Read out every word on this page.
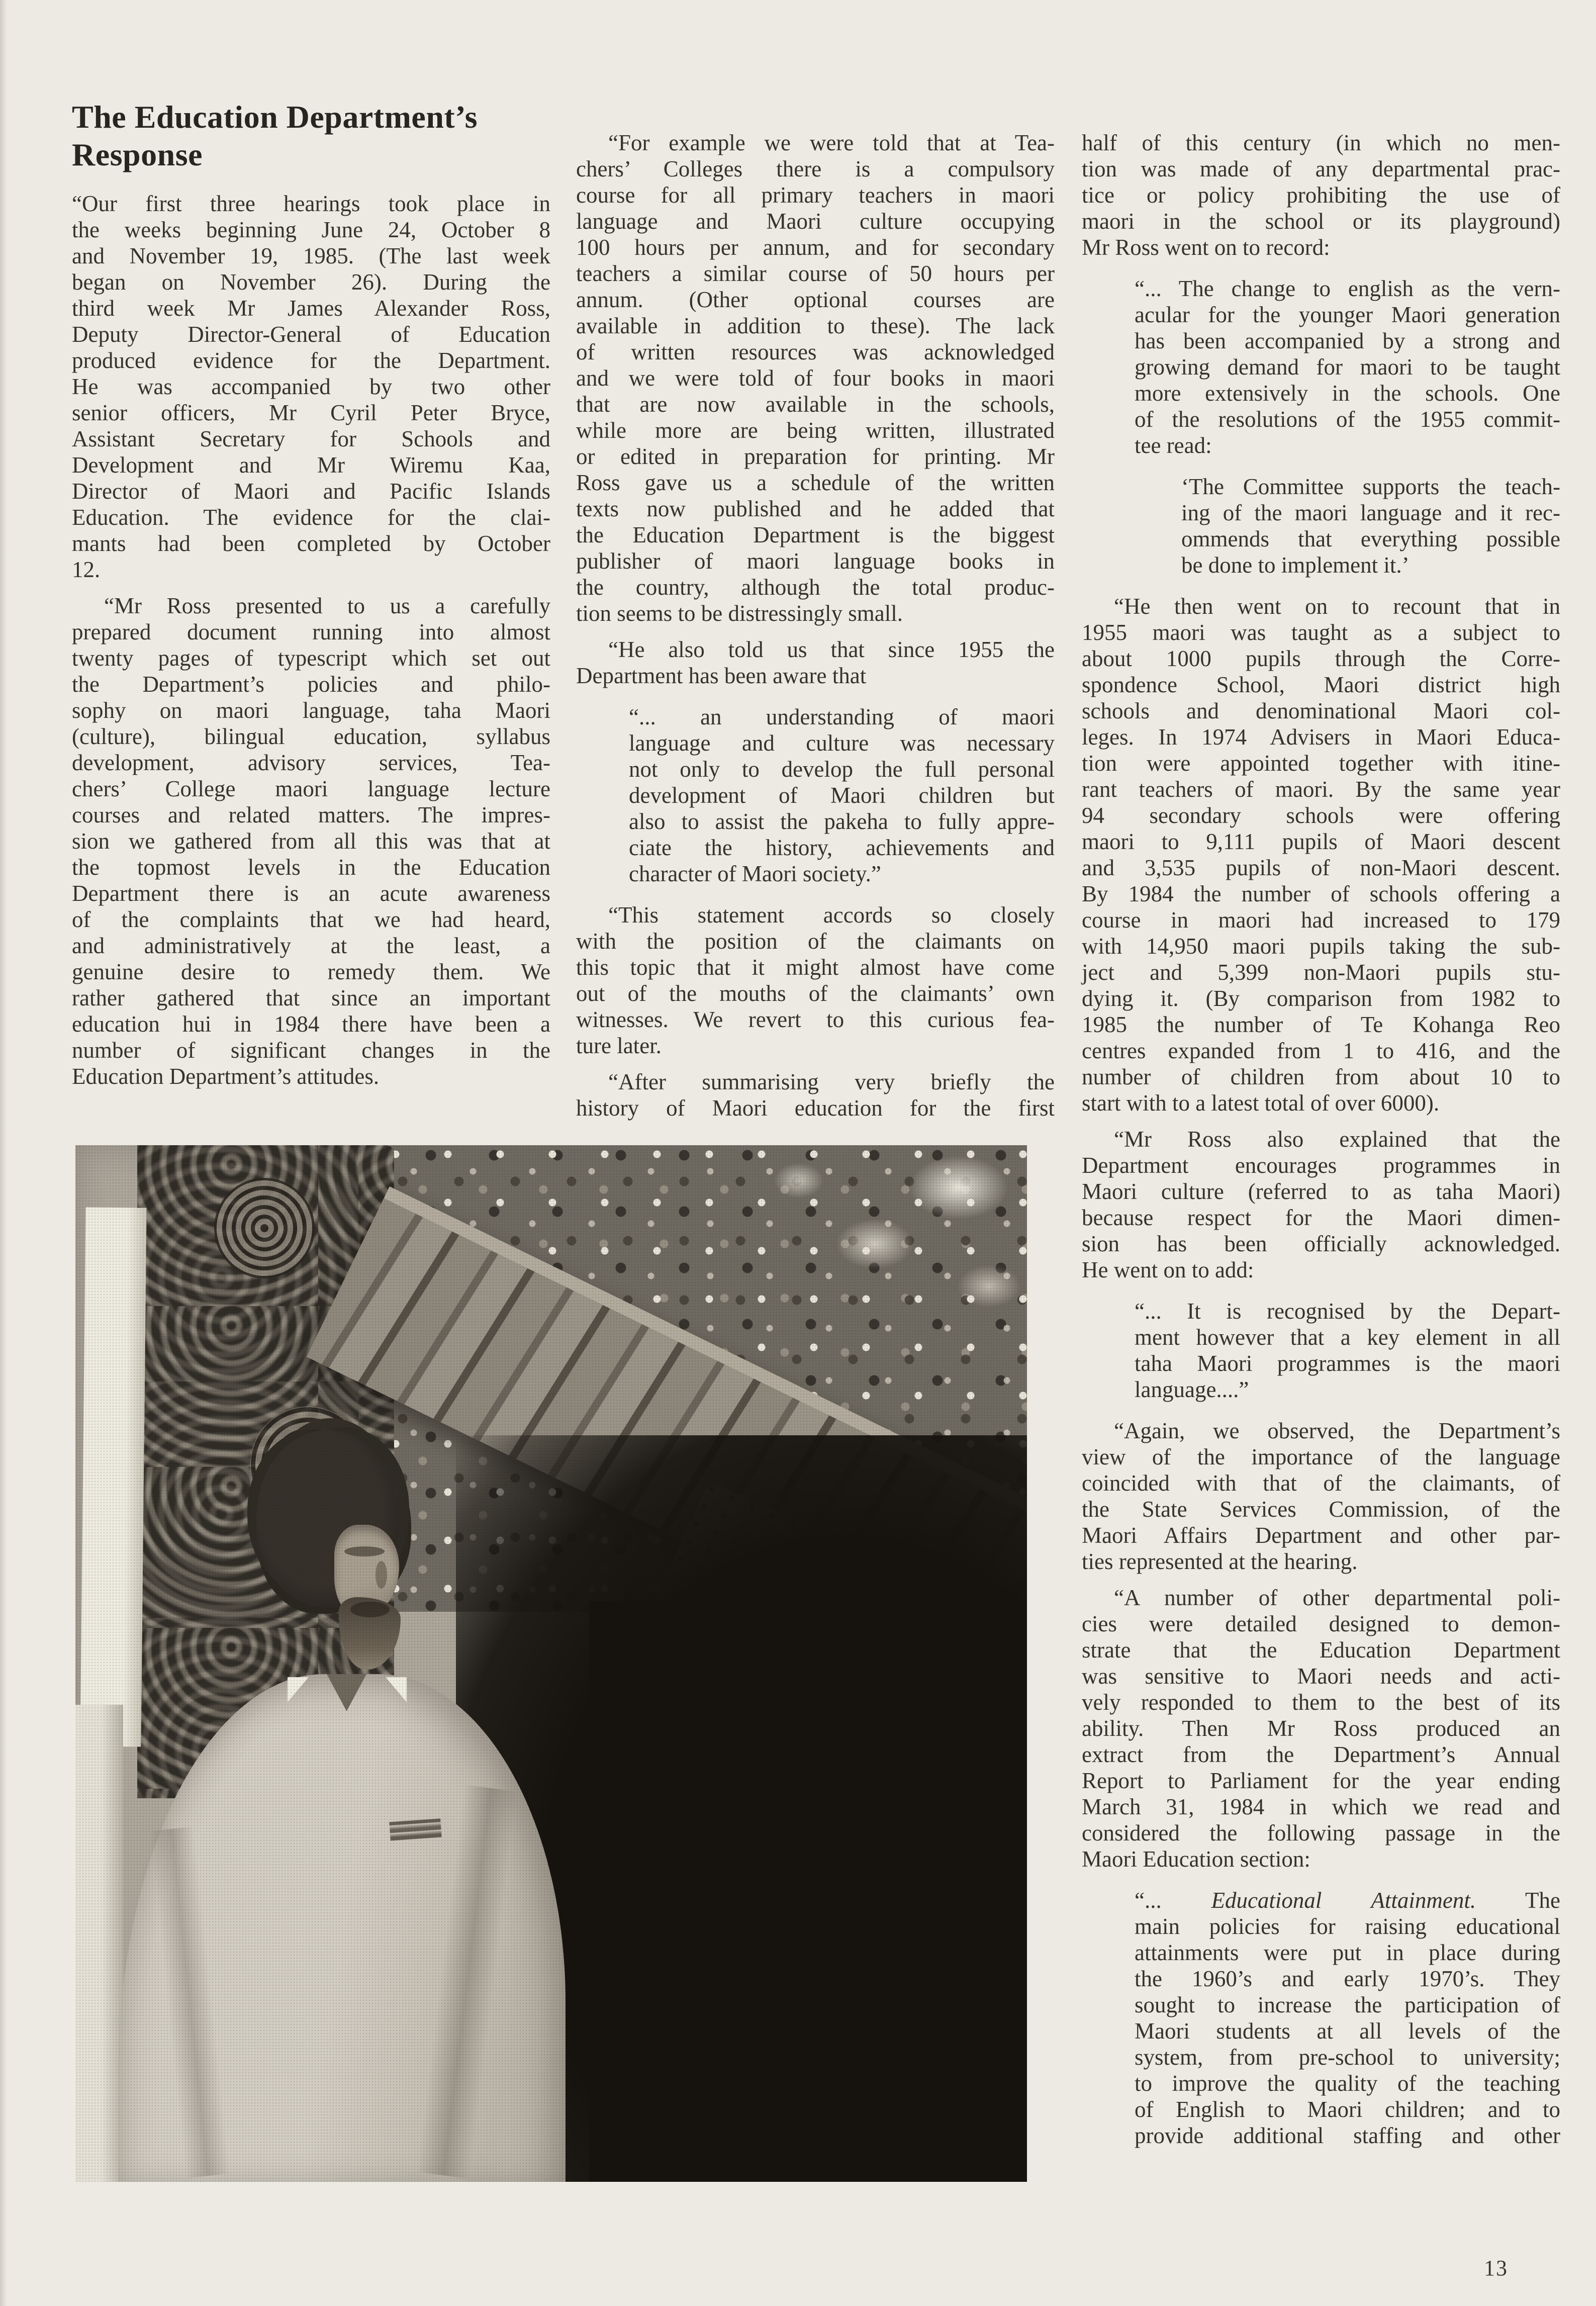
The Education Department’s
Response
“Our first three hearings took place in
the weeks beginning June 24, October 8
and November 19, 1985. (The last week
began on November 26). During the
third week Mr James Alexander Ross,
Deputy Director-General of Education
produced evidence for the Department.
He was accompanied by two other
senior officers, Mr Cyril Peter Bryce,
Assistant Secretary for Schools and
Development and Mr Wiremu Kaa,
Director of Maori and Pacific Islands
Education. The evidence for the clai-
mants had been completed by October
12.
“Mr Ross presented to us a carefully
prepared document running into almost
twenty pages of typescript which set out
the Department’s policies and philo-
sophy on maori language, taha Maori
(culture), bilingual education, syllabus
development, advisory services, Tea-
chers’ College maori language lecture
courses and related matters. The impres-
sion we gathered from all this was that at
the topmost levels in the Education
Department there is an acute awareness
of the complaints that we had heard,
and administratively at the least, a
genuine desire to remedy them. We
rather gathered that since an important
education hui in 1984 there have been a
number of significant changes in the
Education Department’s attitudes.
“For example we were told that at Tea-
chers’ Colleges there is a compulsory
course for all primary teachers in maori
language and Maori culture occupying
100 hours per annum, and for secondary
teachers a similar course of 50 hours per
annum. (Other optional courses are
available in addition to these). The lack
of written resources was acknowledged
and we were told of four books in maori
that are now available in the schools,
while more are being written, illustrated
or edited in preparation for printing. Mr
Ross gave us a schedule of the written
texts now published and he added that
the Education Department is the biggest
publisher of maori language books in
the country, although the total produc-
tion seems to be distressingly small.
“He also told us that since 1955 the
Department has been aware that
“... an understanding of maori
language and culture was necessary
not only to develop the full personal
development of Maori children but
also to assist the pakeha to fully appre-
ciate the history, achievements and
character of Maori society.”
“This statement accords so closely
with the position of the claimants on
this topic that it might almost have come
out of the mouths of the claimants’ own
witnesses. We revert to this curious fea-
ture later.
“After summarising very briefly the
history of Maori education for the first
half of this century (in which no men-
tion was made of any departmental prac-
tice or policy prohibiting the use of
maori in the school or its playground)
Mr Ross went on to record:
“... The change to english as the vern-
acular for the younger Maori generation
has been accompanied by a strong and
growing demand for maori to be taught
more extensively in the schools. One
of the resolutions of the 1955 commit-
tee read:
‘The Committee supports the teach-
ing of the maori language and it rec-
ommends that everything possible
be done to implement it.’
“He then went on to recount that in
1955 maori was taught as a subject to
about 1000 pupils through the Corre-
spondence School, Maori district high
schools and denominational Maori col-
leges. In 1974 Advisers in Maori Educa-
tion were appointed together with itine-
rant teachers of maori. By the same year
94 secondary schools were offering
maori to 9,111 pupils of Maori descent
and 3,535 pupils of non-Maori descent.
By 1984 the number of schools offering a
course in maori had increased to 179
with 14,950 maori pupils taking the sub-
ject and 5,399 non-Maori pupils stu-
dying it. (By comparison from 1982 to
1985 the number of Te Kohanga Reo
centres expanded from 1 to 416, and the
number of children from about 10 to
start with to a latest total of over 6000).
“Mr Ross also explained that the
Department encourages programmes in
Maori culture (referred to as taha Maori)
because respect for the Maori dimen-
sion has been officially acknowledged.
He went on to add:
“... It is recognised by the Depart-
ment however that a key element in all
taha Maori programmes is the maori
language....”
“Again, we observed, the Department’s
view of the importance of the language
coincided with that of the claimants, of
the State Services Commission, of the
Maori Affairs Department and other par-
ties represented at the hearing.
“A number of other departmental poli-
cies were detailed designed to demon-
strate that the Education Department
was sensitive to Maori needs and acti-
vely responded to them to the best of its
ability. Then Mr Ross produced an
extract from the Department’s Annual
Report to Parliament for the year ending
March 31, 1984 in which we read and
considered the following passage in the
Maori Education section:
“... Educational Attainment. The
main policies for raising educational
attainments were put in place during
the 1960’s and early 1970’s. They
sought to increase the participation of
Maori students at all levels of the
system, from pre-school to university;
to improve the quality of the teaching
of English to Maori children; and to
provide additional staffing and other
13
